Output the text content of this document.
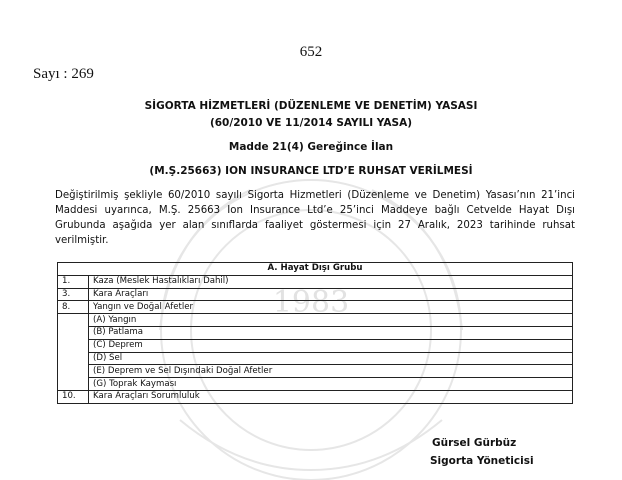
1983
652
Sayı : 269
SİGORTA HİZMETLERİ (DÜZENLEME VE DENETİM) YASASI
(60/2010 VE 11/2014 SAYILI YASA)
Madde 21(4) Gereğince İlan
(M.Ş.25663) ION INSURANCE LTD’E RUHSAT VERİLMESİ
Değiştirilmiş şekliyle 60/2010 sayılı Sigorta Hizmetleri (Düzenleme ve Denetim) Yasası’nın 21’inci Maddesi uyarınca, M.Ş. 25663 Ion Insurance Ltd’e 25’inci Maddeye bağlı Cetvelde Hayat Dışı Grubunda aşağıda yer alan sınıflarda faaliyet göstermesi için 27 Aralık, 2023 tarihinde ruhsat verilmiştir.
A. Hayat Dışı Grubu	
1.	Kaza (Meslek Hastalıkları Dahil)
3.	Kara Araçları
8.	Yangın ve Doğal Afetler
	(A) Yangın
	(B) Patlama
	(C) Deprem
	(D) Sel
	(E) Deprem ve Sel Dışındaki Doğal Afetler
	(G) Toprak Kayması
10.	Kara Araçları Sorumluluk
Gürsel Gürbüz
Sigorta Yöneticisi
